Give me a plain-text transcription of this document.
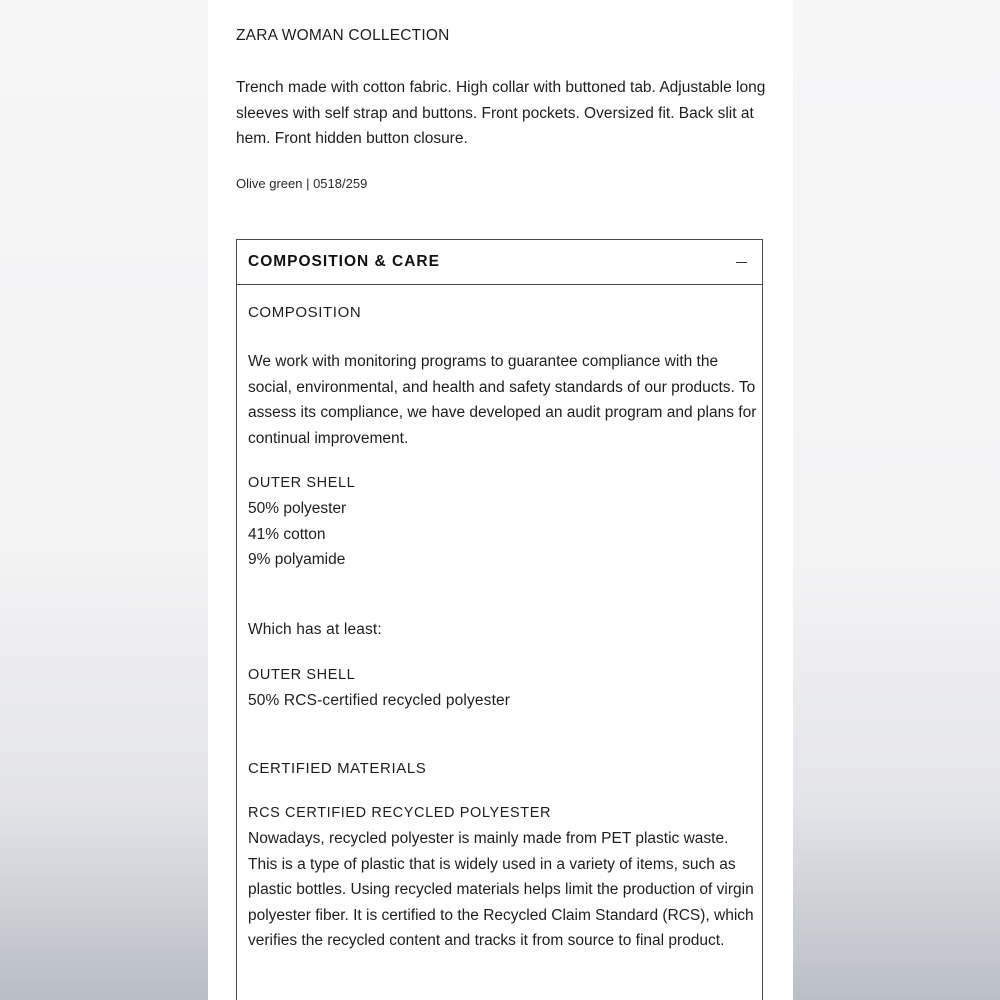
ZARA WOMAN COLLECTION

Trench made with cotton fabric. High collar with buttoned tab. Adjustable long sleeves with self strap and buttons. Front pockets. Oversized fit. Back slit at hem. Front hidden button closure.

Olive green | 0518/259

COMPOSITION & CARE
COMPOSITION

We work with monitoring programs to guarantee compliance with the social, environmental, and health and safety standards of our products. To assess its compliance, we have developed an audit program and plans for continual improvement.

OUTER SHELL
50% polyester
41% cotton
9% polyamide
Which has at least:
OUTER SHELL
50% RCS-certified recycled polyester
CERTIFIED MATERIALS
RCS CERTIFIED RECYCLED POLYESTER

Nowadays, recycled polyester is mainly made from PET plastic waste. This is a type of plastic that is widely used in a variety of items, such as plastic bottles. Using recycled materials helps limit the production of virgin polyester fiber. It is certified to the Recycled Claim Standard (RCS), which verifies the recycled content and tracks it from source to final product.
